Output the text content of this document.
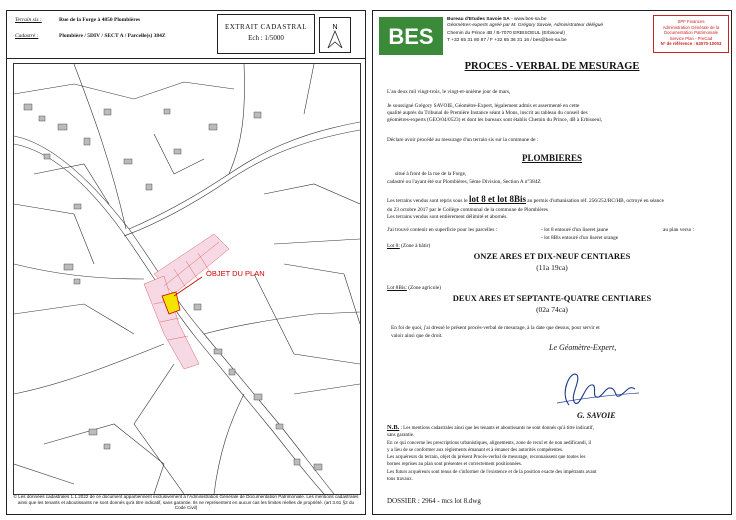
Terrain sis :	Rue de la Forge à 4850 Plombières
Cadastré :	Plombière / 5DIV / SECT A / Parcelle(s) 384Z
EXTRAIT CADASTRAL
Ech : 1/5000
N
OBJET DU PLAN
© Les données cadastrales 1.1.2022 de ce document appartiennent exclusivement à l'Administration Générale de Documentation Patrimoniale. Les mentions cadastrales ainsi que les tenants et aboutissants ne sont donnés qu'à titre indicatif, sans garantie. Ils ne représentent en aucun cas les limites réelles de propriété. (art 3.61 §2 du Code Civil)
BES
Bureau d'Etudes Savoie SA - www.bes-sa.be
Géomètres-experts agréé par M. Grégory Savoie, Administrateur délégué
Chemin du Prince 4B / B-7070 ERBISOEUL (Erbisoeul)
T +32 65 31 80 87 / F +32 65 36 31 16 / bes@bes-sa.be
SPF Finances
Administration Générale de la
Documentation Patrimoniale
Service Plan - PreCad
N° de référence : 63070-10003
PROCES - VERBAL DE MESURAGE
L'an deux mil vingt-trois, le vingt-et-unième jour de mars,
Je soussigné Grégory SAVOIE, Géomètre-Expert, légalement admis et assermenté en cette
qualité auprès du Tribunal de Première Instance séant à Mons, inscrit au tableau du conseil des
géomètres-experts (GEO/04/0523) et dont les bureaux sont établis Chemin du Prince, 4B à Erbisoeul,
Déclare avoir procédé au mesurage d'un terrain sis sur la commune de :
PLOMBIERES
situé à front de la rue de la Forge,
cadastré ou l'ayant été sur Plombières, 5ème Division, Section A n°384Z
Les terrains vendus sont repris sous le lot 8 et lot 8Bis au permis d'urbanisation réf. 256/252/RC/HB, octroyé en séance
du 23 octobre 2017 par le Collège communal de la commune de Plombières
Les terrains vendus sont entièrement délimité et abornés.
J'ai trouvé contenir en superficie pour les parcelles :	- lot 8 entouré d'un liseret jaune	au plan verso :
- lot 8Bis entouré d'un liseret orange
Lot 8: (Zone à bâtir)
ONZE ARES ET DIX-NEUF CENTIARES
(11a 19ca)
Lot 8Bis: (Zone agricole)
DEUX ARES ET SEPTANTE-QUATRE CENTIARES
(02a 74ca)
En foi de quoi, j'ai dressé le présent procès-verbal de mesurage, à la date que dessus, pour servir et
valoir ainsi que de droit.
Le Géomètre-Expert,
G. SAVOIE
N.B. : Les mentions cadastrales ainsi que les tenants et aboutissants ne sont donnés qu'à titre indicatif,
sans garantie.
En ce qui concerne les prescriptions urbanistiques, alignements, zone de recul et de non aedificandi, il
y a lieu de se conformer aux règlements émanant et à émaner des autorités compétentes.
Les acquéreurs du terrain, objet du présent Procès-verbal de mesurage, reconnaissent que toutes les
bornes reprises au plan sont présentes et correctement positionnées.
Les futurs acquéreurs sont tenus de s'informer de l'existence et de la position exacte des impétrants avant
tous travaux.
DOSSIER : 2964 - mcs lot 8.dwg
